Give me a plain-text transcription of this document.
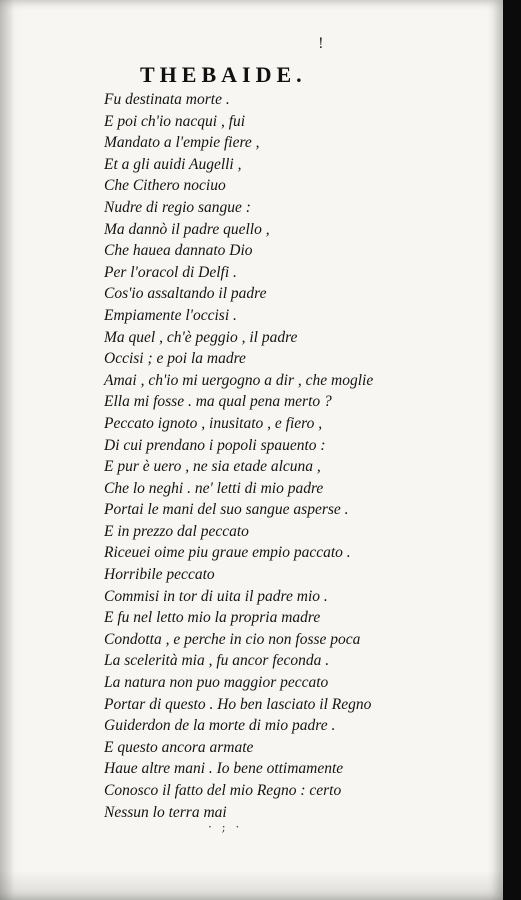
!
THEBAIDE.
Fu destinata morte .
E poi ch'io nacqui , fui
Mandato a l'empie fiere ,
Et a gli auidi Augelli ,
Che Cithero nociuo
Nudre di regio sangue :
Ma dannò il padre quello ,
Che hauea dannato Dio
Per l'oracol di Delfi .
Cos'io assaltando il padre
Empiamente l'occisi .
Ma quel , ch'è peggio , il padre
Occisi ; e poi la madre
Amai , ch'io mi uergogno a dir , che moglie
Ella mi fosse . ma qual pena merto ?
Peccato ignoto , inusitato , e fiero ,
Di cui prendano i popoli spauento :
E pur è uero , ne sia etade alcuna ,
Che lo neghi . ne' letti di mio padre
Portai le mani del suo sangue asperse .
E in prezzo dal peccato
Riceuei oime piu graue empio paccato .
Horribile peccato
Commisi in tor di uita il padre mio .
E fu nel letto mio la propria madre
Condotta , e perche in cio non fosse poca
La scelerità mia , fu ancor feconda .
La natura non puo maggior peccato
Portar di questo . Ho ben lasciato il Regno
Guiderdon de la morte di mio padre .
E questo ancora armate
Haue altre mani . Io bene ottimamente
Conosco il fatto del mio Regno : certo
Nessun lo terra mai
· ; ·
